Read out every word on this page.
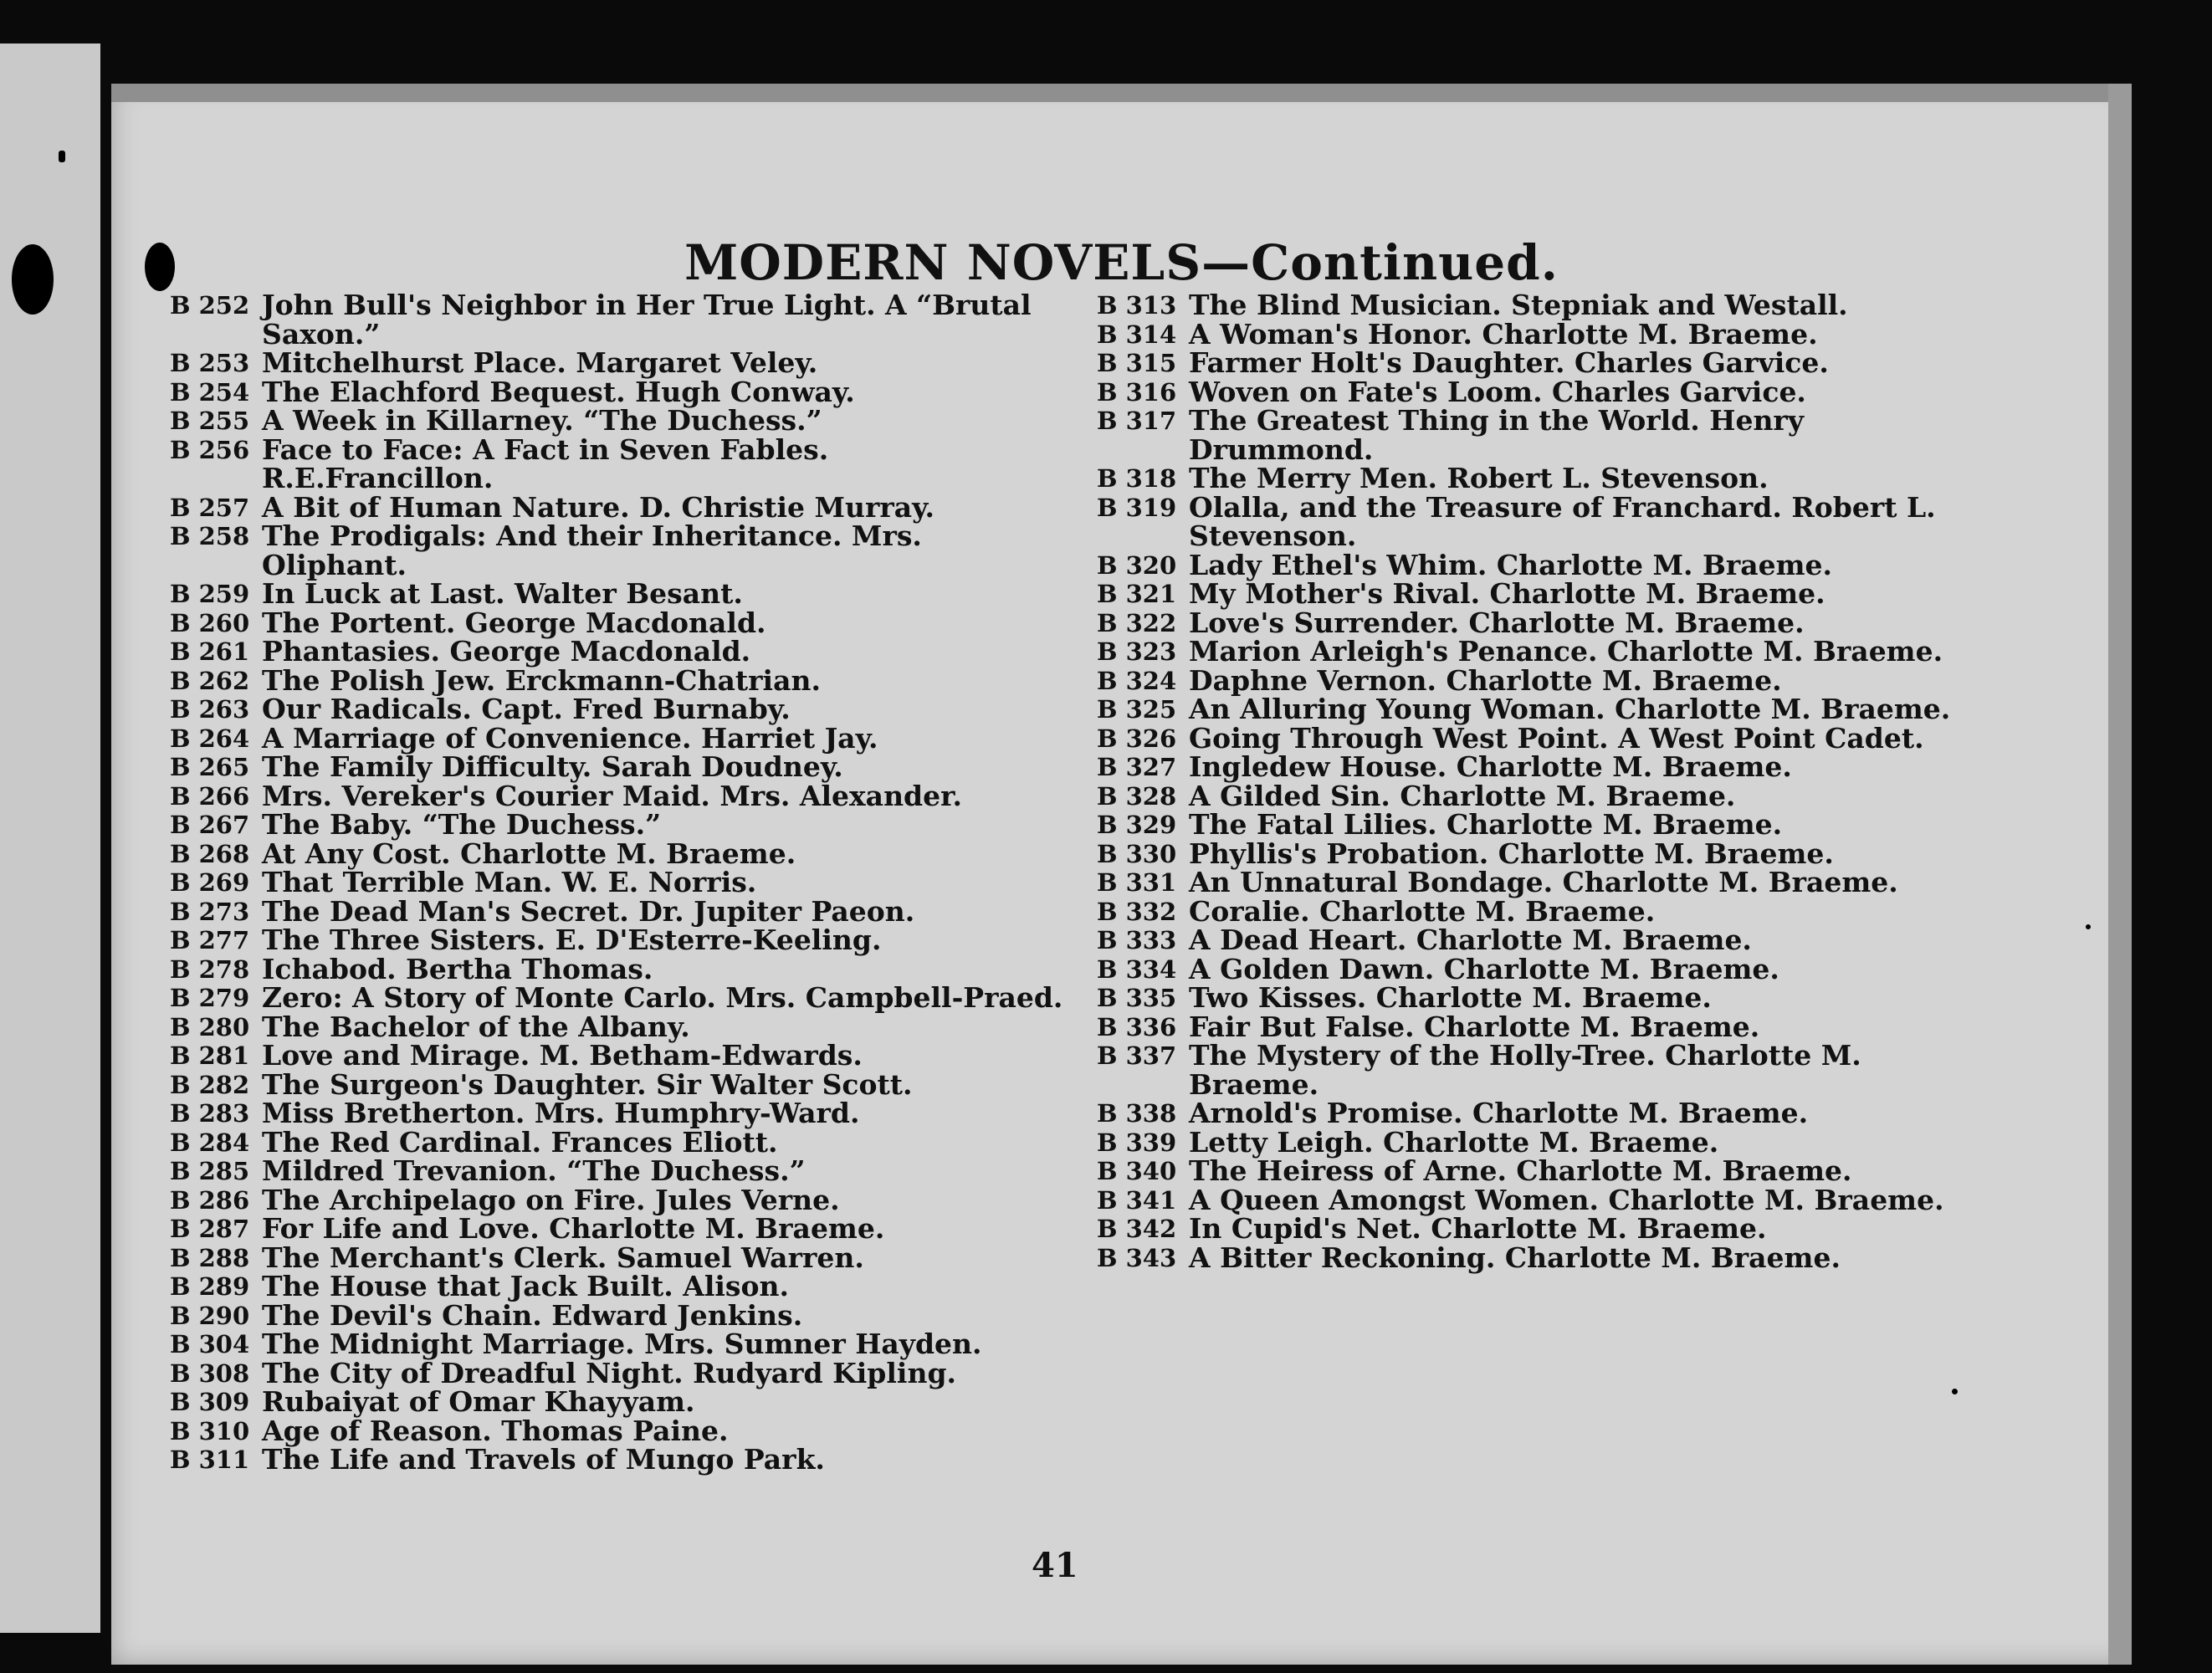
MODERN NOVELS—Continued.
B 252 John Bull's Neighbor in Her True Light. A “Brutal Saxon.”
B 253 Mitchelhurst Place. Margaret Veley.
B 254 The Elachford Bequest. Hugh Conway.
B 255 A Week in Killarney. “The Duchess.”
B 256 Face to Face: A Fact in Seven Fables. R.E.Francillon.
B 257 A Bit of Human Nature. D. Christie Murray.
B 258 The Prodigals: And their Inheritance. Mrs. Oliphant.
B 259 In Luck at Last. Walter Besant.
B 260 The Portent. George Macdonald.
B 261 Phantasies. George Macdonald.
B 262 The Polish Jew. Erckmann-Chatrian.
B 263 Our Radicals. Capt. Fred Burnaby.
B 264 A Marriage of Convenience. Harriet Jay.
B 265 The Family Difficulty. Sarah Doudney.
B 266 Mrs. Vereker's Courier Maid. Mrs. Alexander.
B 267 The Baby. “The Duchess.”
B 268 At Any Cost. Charlotte M. Braeme.
B 269 That Terrible Man. W. E. Norris.
B 273 The Dead Man's Secret. Dr. Jupiter Paeon.
B 277 The Three Sisters. E. D'Esterre-Keeling.
B 278 Ichabod. Bertha Thomas.
B 279 Zero: A Story of Monte Carlo. Mrs. Campbell-Praed.
B 280 The Bachelor of the Albany.
B 281 Love and Mirage. M. Betham-Edwards.
B 282 The Surgeon's Daughter. Sir Walter Scott.
B 283 Miss Bretherton. Mrs. Humphry-Ward.
B 284 The Red Cardinal. Frances Eliott.
B 285 Mildred Trevanion. “The Duchess.”
B 286 The Archipelago on Fire. Jules Verne.
B 287 For Life and Love. Charlotte M. Braeme.
B 288 The Merchant's Clerk. Samuel Warren.
B 289 The House that Jack Built. Alison.
B 290 The Devil's Chain. Edward Jenkins.
B 304 The Midnight Marriage. Mrs. Sumner Hayden.
B 308 The City of Dreadful Night. Rudyard Kipling.
B 309 Rubaiyat of Omar Khayyam.
B 310 Age of Reason. Thomas Paine.
B 311 The Life and Travels of Mungo Park.
B 313 The Blind Musician. Stepniak and Westall.
B 314 A Woman's Honor. Charlotte M. Braeme.
B 315 Farmer Holt's Daughter. Charles Garvice.
B 316 Woven on Fate's Loom. Charles Garvice.
B 317 The Greatest Thing in the World. Henry Drummond.
B 318 The Merry Men. Robert L. Stevenson.
B 319 Olalla, and the Treasure of Franchard. Robert L. Stevenson.
B 320 Lady Ethel's Whim. Charlotte M. Braeme.
B 321 My Mother's Rival. Charlotte M. Braeme.
B 322 Love's Surrender. Charlotte M. Braeme.
B 323 Marion Arleigh's Penance. Charlotte M. Braeme.
B 324 Daphne Vernon. Charlotte M. Braeme.
B 325 An Alluring Young Woman. Charlotte M. Braeme.
B 326 Going Through West Point. A West Point Cadet.
B 327 Ingledew House. Charlotte M. Braeme.
B 328 A Gilded Sin. Charlotte M. Braeme.
B 329 The Fatal Lilies. Charlotte M. Braeme.
B 330 Phyllis's Probation. Charlotte M. Braeme.
B 331 An Unnatural Bondage. Charlotte M. Braeme.
B 332 Coralie. Charlotte M. Braeme.
B 333 A Dead Heart. Charlotte M. Braeme.
B 334 A Golden Dawn. Charlotte M. Braeme.
B 335 Two Kisses. Charlotte M. Braeme.
B 336 Fair But False. Charlotte M. Braeme.
B 337 The Mystery of the Holly-Tree. Charlotte M. Braeme.
B 338 Arnold's Promise. Charlotte M. Braeme.
B 339 Letty Leigh. Charlotte M. Braeme.
B 340 The Heiress of Arne. Charlotte M. Braeme.
B 341 A Queen Amongst Women. Charlotte M. Braeme.
B 342 In Cupid's Net. Charlotte M. Braeme.
B 343 A Bitter Reckoning. Charlotte M. Braeme.
41
